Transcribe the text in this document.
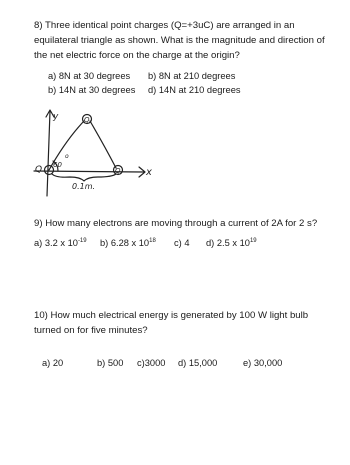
8) Three identical point charges (Q=+3uC) are arranged in an equilateral triangle as shown. What is the magnitude and direction of the net electric force on the charge at the origin?
a) 8N at 30 degrees b) 8N at 210 degrees
b) 14N at 30 degrees d) 14N at 210 degrees
y
x
Q
Q	Q
60
o
0.1m.
9) How many electrons are moving through a current of 2A for 2 s?
a) 3.2 x $10^{-19}$ b) 6.28 x $10^{18}$ c) 4 d) 2.5 x $10^{19}$
10) How much electrical energy is generated by 100 W light bulb turned on for five minutes?
a) 20	b) 500 c)3000 d) 15,000	e) 30,000
